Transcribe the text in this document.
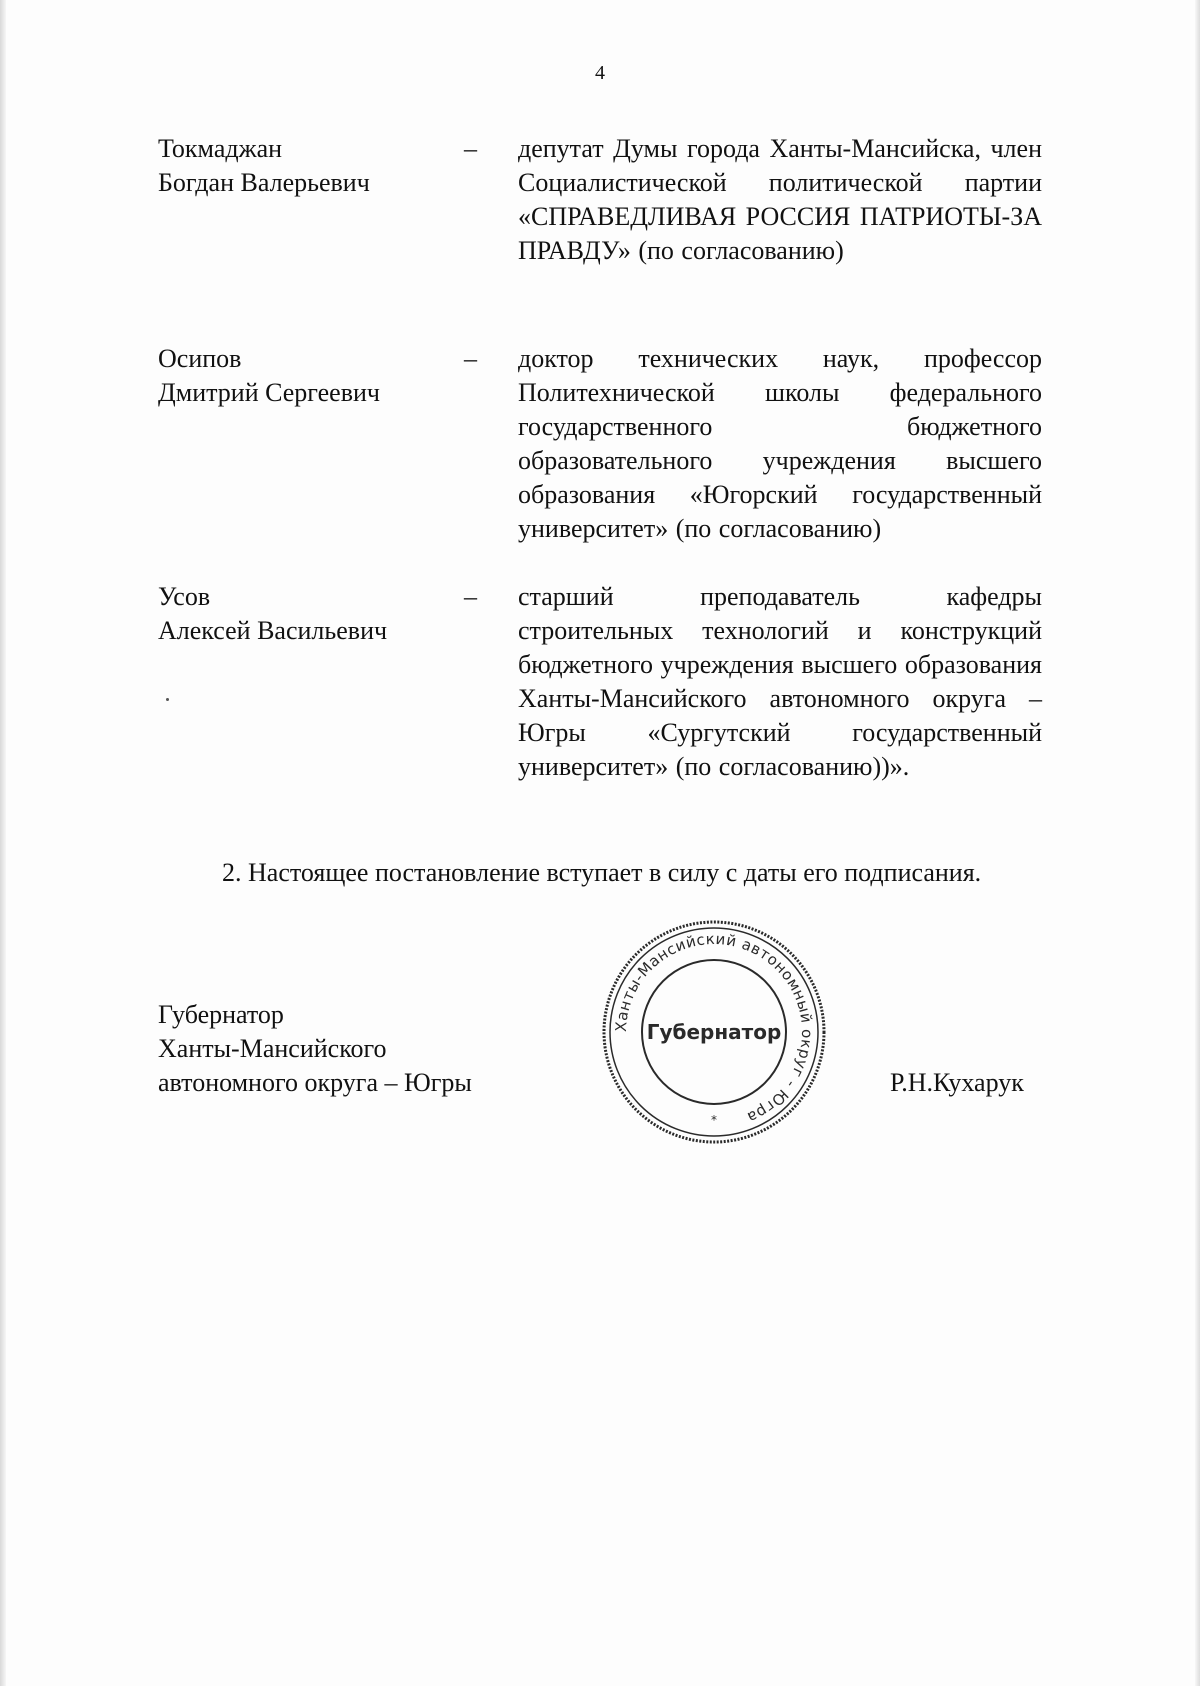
4
Токмаджан
Богдан Валерьевич
– депутат Думы города Ханты-Мансийска, член Социалистической политической партии «СПРАВЕДЛИВАЯ РОССИЯ ПАТРИОТЫ-ЗА ПРАВДУ» (по согласованию)
Осипов
Дмитрий Сергеевич
– доктор технических наук, профессор Политехнической школы федерального государственного бюджетного образовательного учреждения высшего образования «Югорский государственный университет» (по согласованию)
Усов
Алексей Васильевич
– старший преподаватель кафедры строительных технологий и конструкций бюджетного учреждения высшего образования Ханты-Мансийского автономного округа – Югры «Сургутский государственный университет» (по согласованию))».
2. Настоящее постановление вступает в силу с даты его подписания.
Губернатор
Ханты-Мансийского
автономного округа – Югры
Ханты-Мансийский автономный округ - Югра
Губернатор
*
Р.Н.Кухарук
